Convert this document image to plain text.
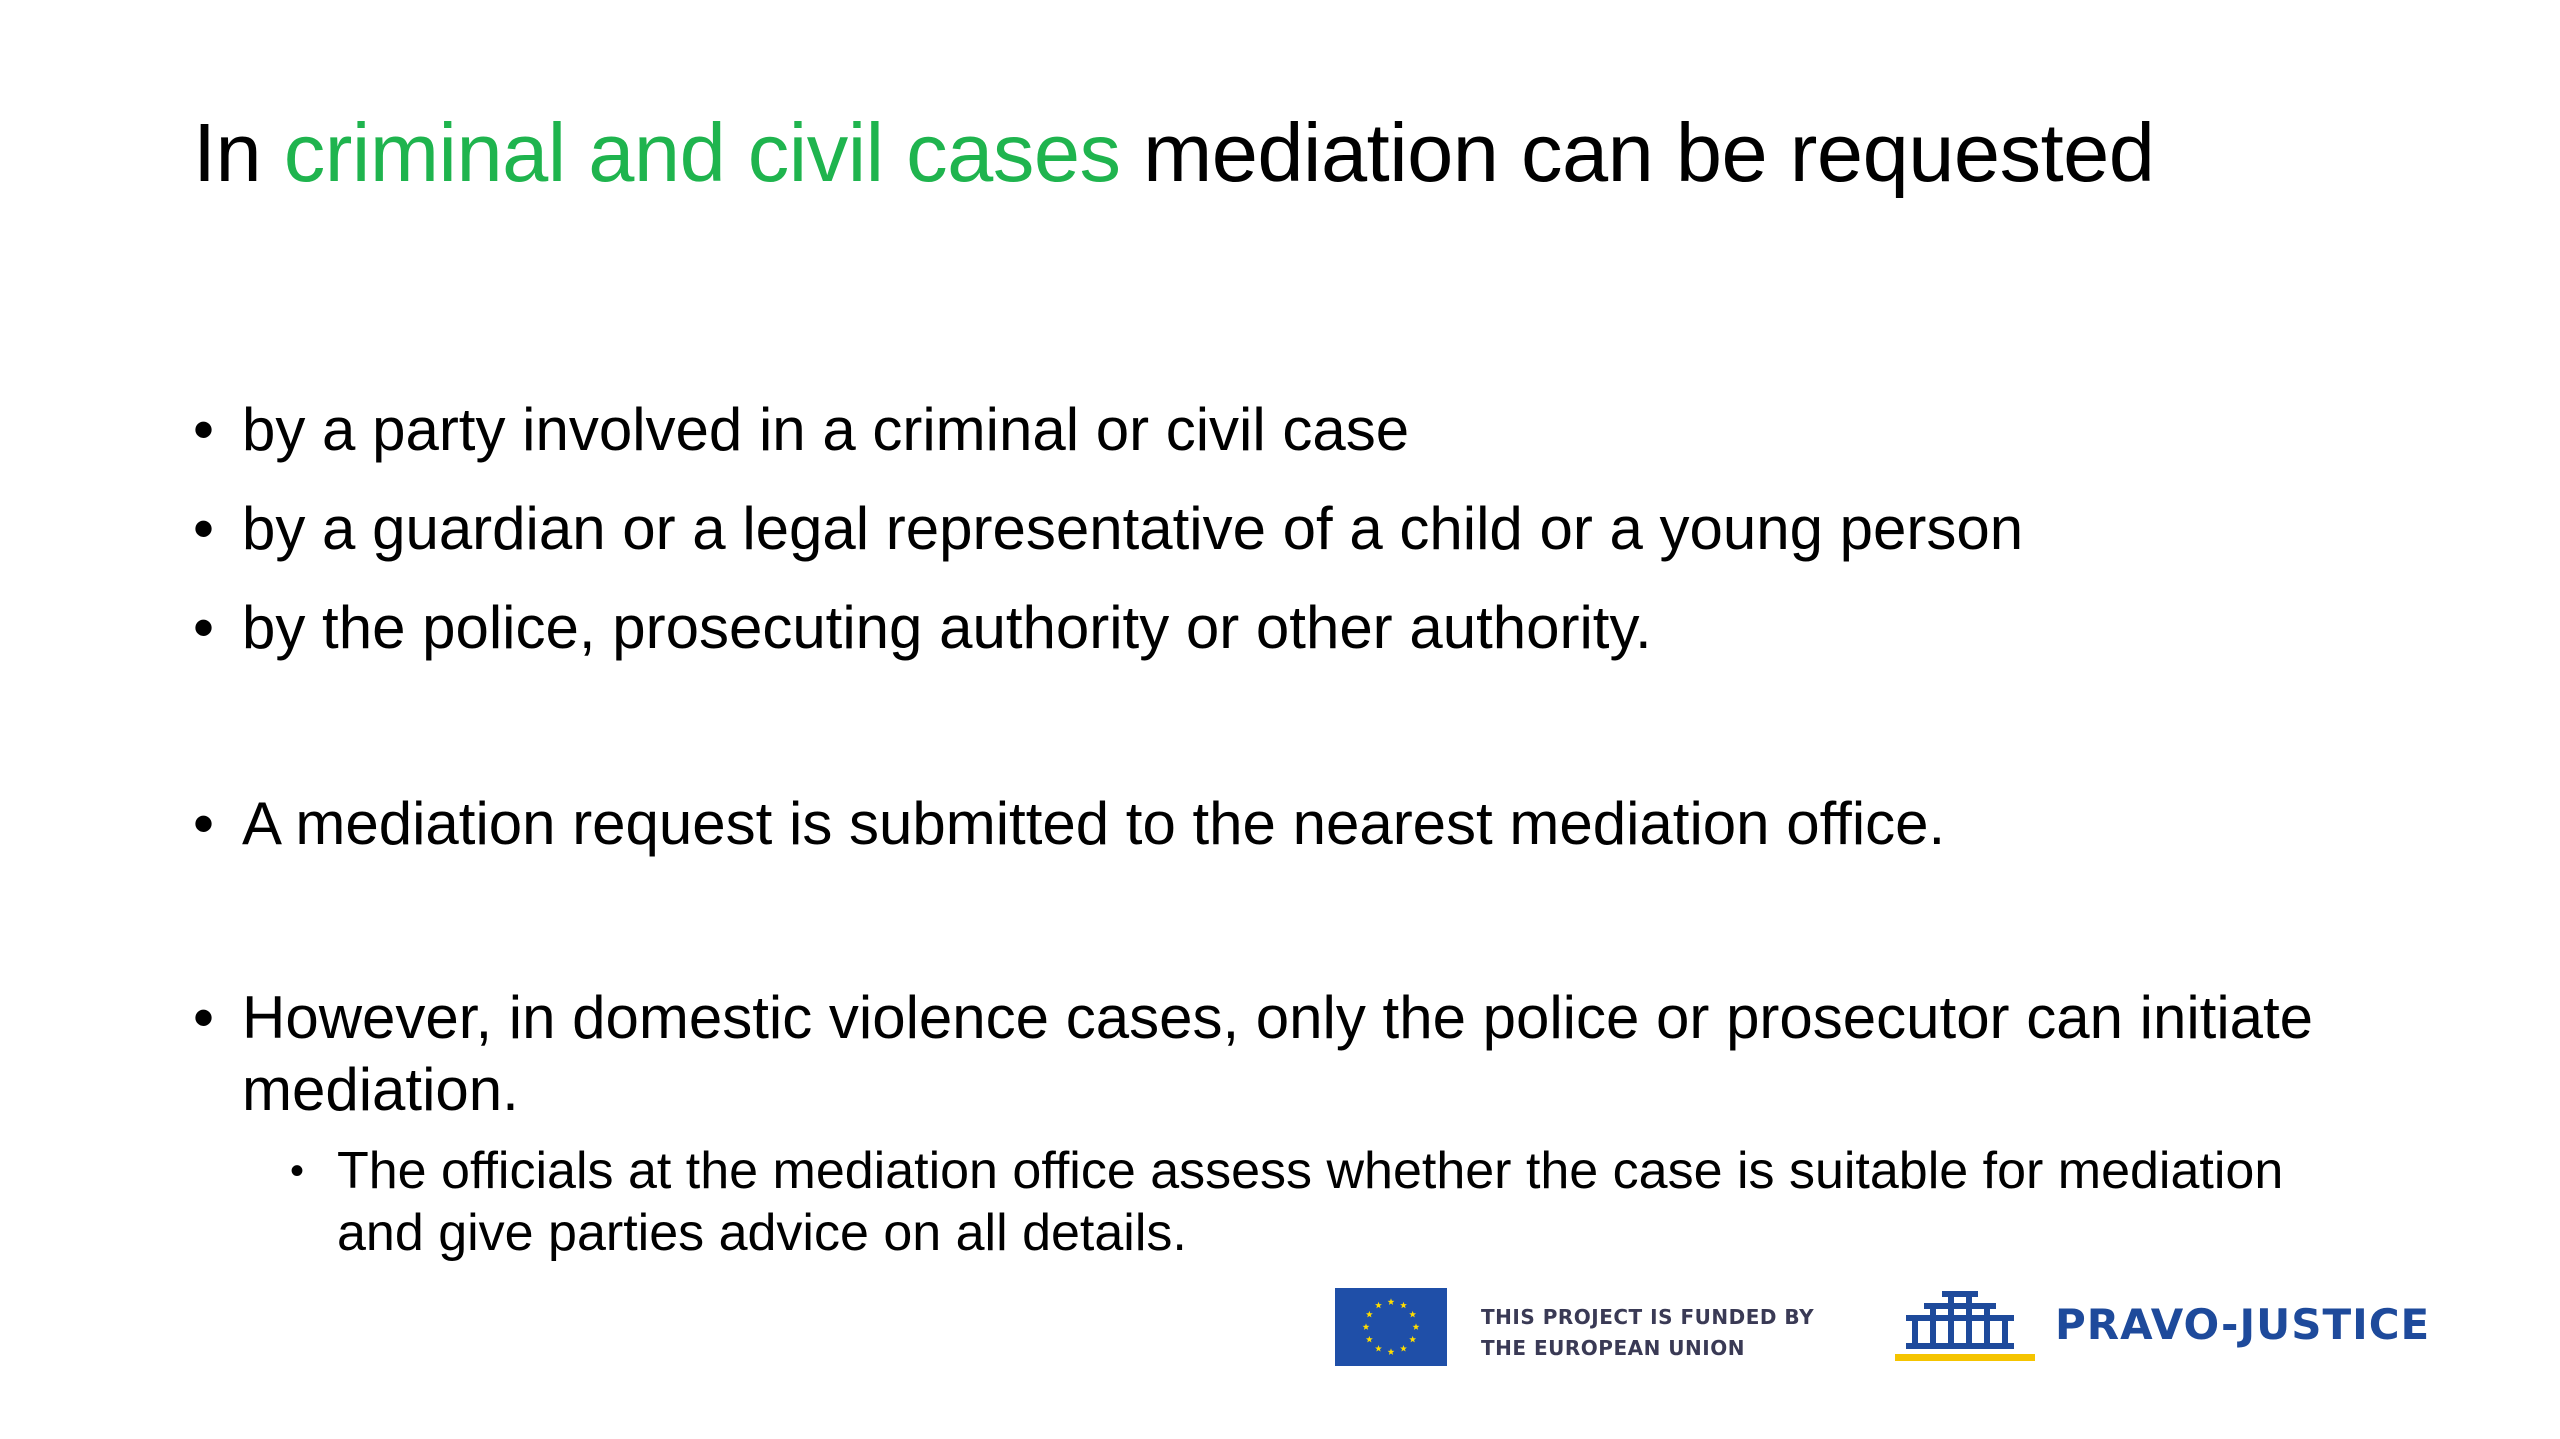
In criminal and civil cases mediation can be requested
• by a party involved in a criminal or civil case
• by a guardian or a legal representative of a child or a young person
• by the police, prosecuting authority or other authority.
• A mediation request is submitted to the nearest mediation office.
• However, in domestic violence cases, only the police or prosecutor can initiate mediation.
• The officials at the mediation office assess whether the case is suitable for mediation and give parties advice on all details.
THIS PROJECT IS FUNDED BY
THE EUROPEAN UNION	PRAVO-JUSTICE
